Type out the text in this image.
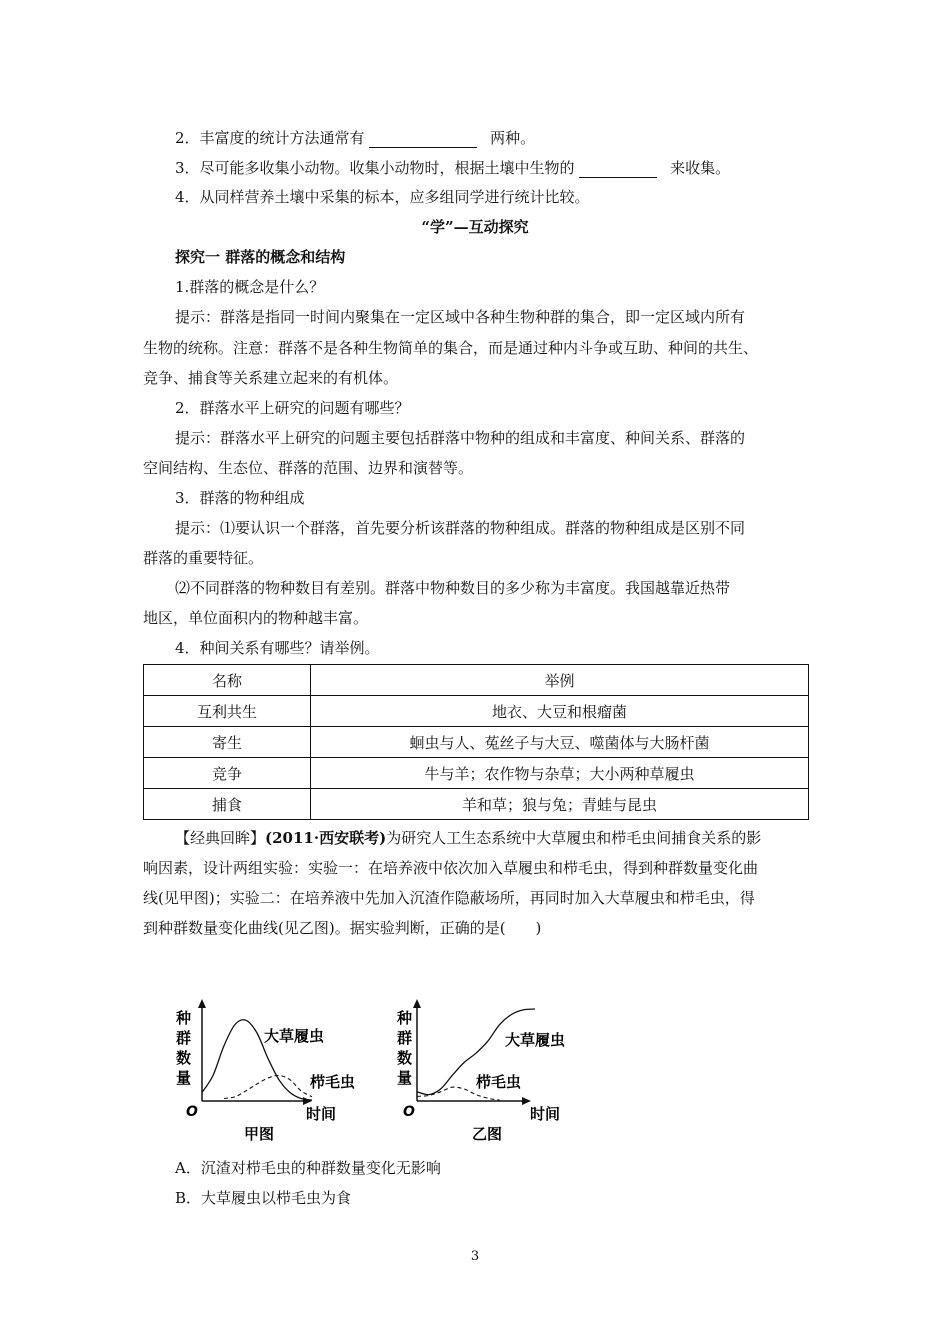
2．丰富度的统计方法通常有	两种。
3．尽可能多收集小动物。收集小动物时，根据土壤中生物的	来收集。
4．从同样营养土壤中采集的标本，应多组同学进行统计比较。
“学”—互动探究
探究一 群落的概念和结构
1.群落的概念是什么？
提示：群落是指同一时间内聚集在一定区域中各种生物种群的集合，即一定区域内所有
生物的统称。注意：群落不是各种生物简单的集合，而是通过种内斗争或互助、种间的共生、
竞争、捕食等关系建立起来的有机体。
2．群落水平上研究的问题有哪些？
提示：群落水平上研究的问题主要包括群落中物种的组成和丰富度、种间关系、群落的
空间结构、生态位、群落的范围、边界和演替等。
3．群落的物种组成
提示：⑴要认识一个群落，首先要分析该群落的物种组成。群落的物种组成是区别不同
群落的重要特征。
⑵不同群落的物种数目有差别。群落中物种数目的多少称为丰富度。我国越靠近热带
地区，单位面积内的物种越丰富。
4．种间关系有哪些？请举例。
名称	举例
互利共生	地衣、大豆和根瘤菌
寄生	蛔虫与人、菟丝子与大豆、噬菌体与大肠杆菌
竞争	牛与羊；农作物与杂草；大小两种草履虫
捕食	羊和草；狼与兔；青蛙与昆虫
【经典回眸】(2011·西安联考)为研究人工生态系统中大草履虫和栉毛虫间捕食关系的影
响因素，设计两组实验：实验一：在培养液中依次加入草履虫和栉毛虫，得到种群数量变化曲
线(见甲图)；实验二：在培养液中先加入沉渣作隐蔽场所，再同时加入大草履虫和栉毛虫，得
到种群数量变化曲线(见乙图)。据实验判断，正确的是(　　)
种
群
数
量
O	时间
甲图
大草履虫
栉毛虫
种
群
数
量
O	时间
乙图
大草履虫
栉毛虫
A．沉渣对栉毛虫的种群数量变化无影响
B．大草履虫以栉毛虫为食
3
